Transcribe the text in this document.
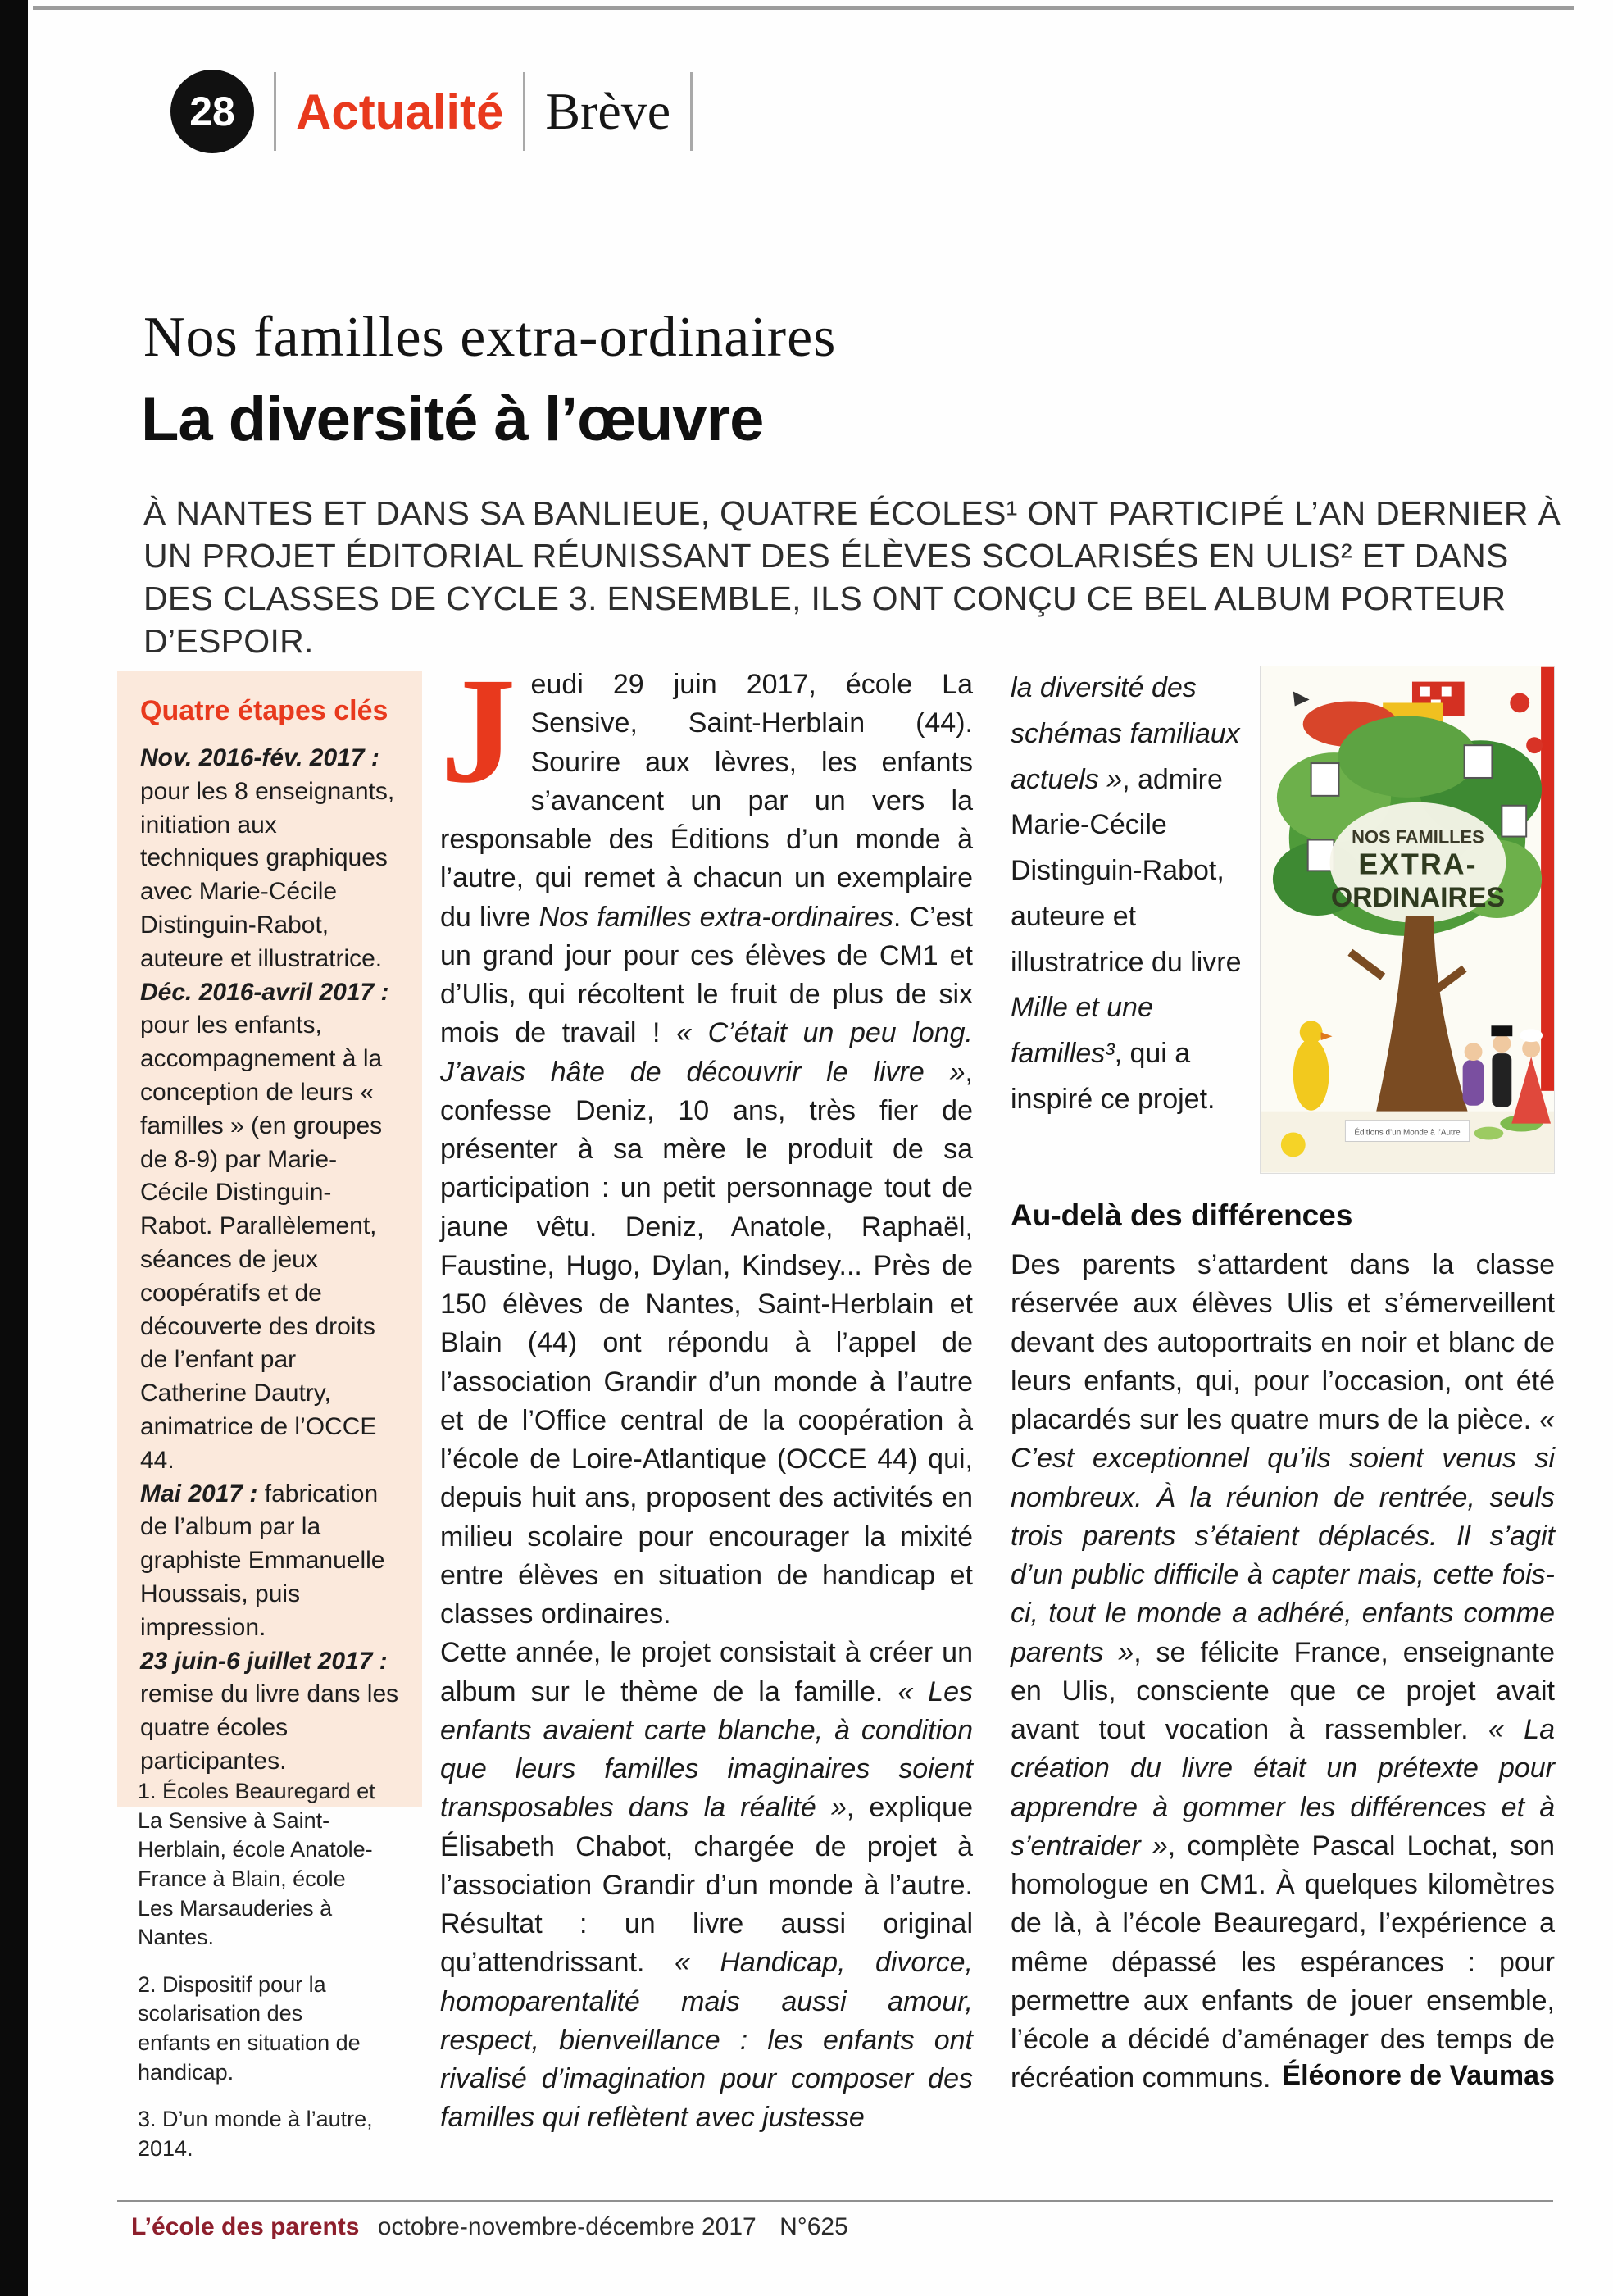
28 Actualité Brève
Nos familles extra-ordinaires
La diversité à l’œuvre

À NANTES ET DANS SA BANLIEUE, QUATRE ÉCOLES¹ ONT PARTICIPÉ L’AN DERNIER À UN PROJET ÉDITORIAL RÉUNISSANT DES ÉLÈVES SCOLARISÉS EN ULIS² ET DANS DES CLASSES DE CYCLE 3. ENSEMBLE, ILS ONT CONÇU CE BEL ALBUM PORTEUR D’ESPOIR.

Quatre étapes clés

Nov. 2016-fév. 2017 : pour les 8 enseignants, initiation aux techniques graphiques avec Marie-Cécile Distinguin-Rabot, auteure et illustratrice.

Déc. 2016-avril 2017 : pour les enfants, accompagnement à la conception de leurs « familles » (en groupes de 8-9) par Marie-Cécile Distinguin-Rabot. Parallèlement, séances de jeux coopératifs et de découverte des droits de l’enfant par Catherine Dautry, animatrice de l’OCCE 44.

Mai 2017 : fabrication de l’album par la graphiste Emmanuelle Houssais, puis impression.

23 juin-6 juillet 2017 : remise du livre dans les quatre écoles participantes.

1. Écoles Beauregard et La Sensive à Saint-Herblain, école Anatole-France à Blain, école Les Marsauderies à Nantes.

2. Dispositif pour la scolarisation des enfants en situation de handicap.

3. D’un monde à l’autre, 2014.

Jeudi 29 juin 2017, école La Sensive, Saint-Herblain (44). Sourire aux lèvres, les enfants s’avancent un par un vers la responsable des Éditions d’un monde à l’autre, qui remet à chacun un exemplaire du livre Nos familles extra-ordinaires. C’est un grand jour pour ces élèves de CM1 et d’Ulis, qui récoltent le fruit de plus de six mois de travail ! « C’était un peu long. J’avais hâte de découvrir le livre », confesse Deniz, 10 ans, très fier de présenter à sa mère le produit de sa participation : un petit personnage tout de jaune vêtu. Deniz, Anatole, Raphaël, Faustine, Hugo, Dylan, Kindsey... Près de 150 élèves de Nantes, Saint-Herblain et Blain (44) ont répondu à l’appel de l’association Grandir d’un monde à l’autre et de l’Office central de la coopération à l’école de Loire-Atlantique (OCCE 44) qui, depuis huit ans, proposent des activités en milieu scolaire pour encourager la mixité entre élèves en situation de handicap et classes ordinaires.

Cette année, le projet consistait à créer un album sur le thème de la famille. « Les enfants avaient carte blanche, à condition que leurs familles imaginaires soient transposables dans la réalité », explique Élisabeth Chabot, chargée de projet à l’association Grandir d’un monde à l’autre. Résultat : un livre aussi original qu’attendrissant. « Handicap, divorce, homoparentalité mais aussi amour, respect, bienveillance : les enfants ont rivalisé d’imagination pour composer des familles qui reflètent avec justesse

la diversité des schémas familiaux actuels », admire Marie-Cécile Distinguin-Rabot, auteure et illustratrice du livre Mille et une familles³, qui a inspiré ce projet.
NOS FAMILLES
EXTRA-
ORDINAIRES
Éditions d’un Monde à l’Autre
Au-delà des différences

Des parents s’attardent dans la classe réservée aux élèves Ulis et s’émerveillent devant des autoportraits en noir et blanc de leurs enfants, qui, pour l’occasion, ont été placardés sur les quatre murs de la pièce. « C’est exceptionnel qu’ils soient venus si nombreux. À la réunion de rentrée, seuls trois parents s’étaient déplacés. Il s’agit d’un public difficile à capter mais, cette fois-ci, tout le monde a adhéré, enfants comme parents », se félicite France, enseignante en Ulis, consciente que ce projet avait avant tout vocation à rassembler. « La création du livre était un prétexte pour apprendre à gommer les différences et à s’entraider », complète Pascal Lochat, son homologue en CM1. À quelques kilomètres de là, à l’école Beauregard, l’expérience a même dépassé les espérances : pour permettre aux enfants de jouer ensemble, l’école a décidé d’aménager des temps de récréation communs. Éléonore de Vaumas
L’école des parents octobre-novembre-décembre 2017 N°625
